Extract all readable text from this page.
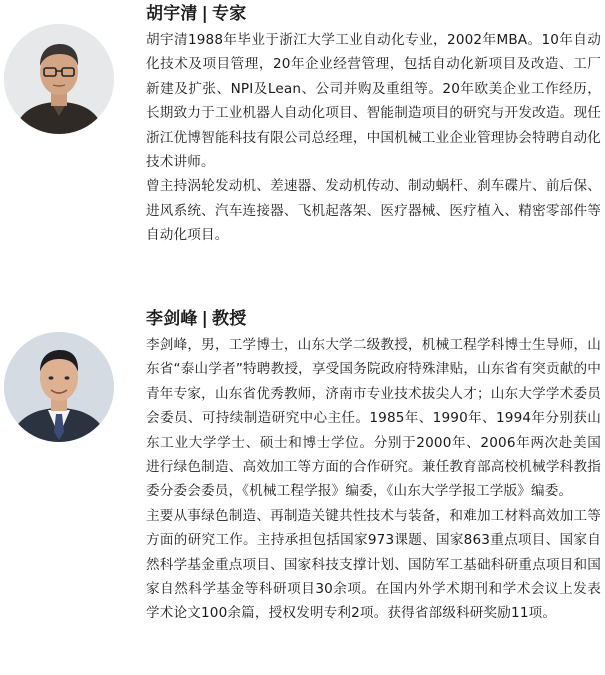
胡宇清 | 专家

胡宇清1988年毕业于浙江大学工业自动化专业，2002年MBA。10年自动化技术及项目管理，20年企业经营管理，包括自动化新项目及改造、工厂新建及扩张、NPI及Lean、公司并购及重组等。20年欧美企业工作经历，长期致力于工业机器人自动化项目、智能制造项目的研究与开发改造。现任浙江优博智能科技有限公司总经理，中国机械工业企业管理协会特聘自动化技术讲师。

曾主持涡轮发动机、差速器、发动机传动、制动蜗杆、刹车碟片、前后保、进风系统、汽车连接器、飞机起落架、医疗器械、医疗植入、精密零部件等自动化项目。

李剑峰 | 教授

李剑峰，男，工学博士，山东大学二级教授，机械工程学科博士生导师，山东省“泰山学者”特聘教授，享受国务院政府特殊津贴，山东省有突贡献的中青年专家，山东省优秀教师，济南市专业技术拔尖人才；山东大学学术委员会委员、可持续制造研究中心主任。1985年、1990年、1994年分别获山东工业大学学士、硕士和博士学位。分别于2000年、2006年两次赴美国进行绿色制造、高效加工等方面的合作研究。兼任教育部高校机械学科教指委分委会委员，《机械工程学报》编委，《山东大学学报工学版》编委。

主要从事绿色制造、再制造关键共性技术与装备，和难加工材料高效加工等方面的研究工作。主持承担包括国家973课题、国家863重点项目、国家自然科学基金重点项目、国家科技支撑计划、国防军工基础科研重点项目和国家自然科学基金等科研项目30余项。在国内外学术期刊和学术会议上发表学术论文100余篇，授权发明专利2项。获得省部级科研奖励11项。
